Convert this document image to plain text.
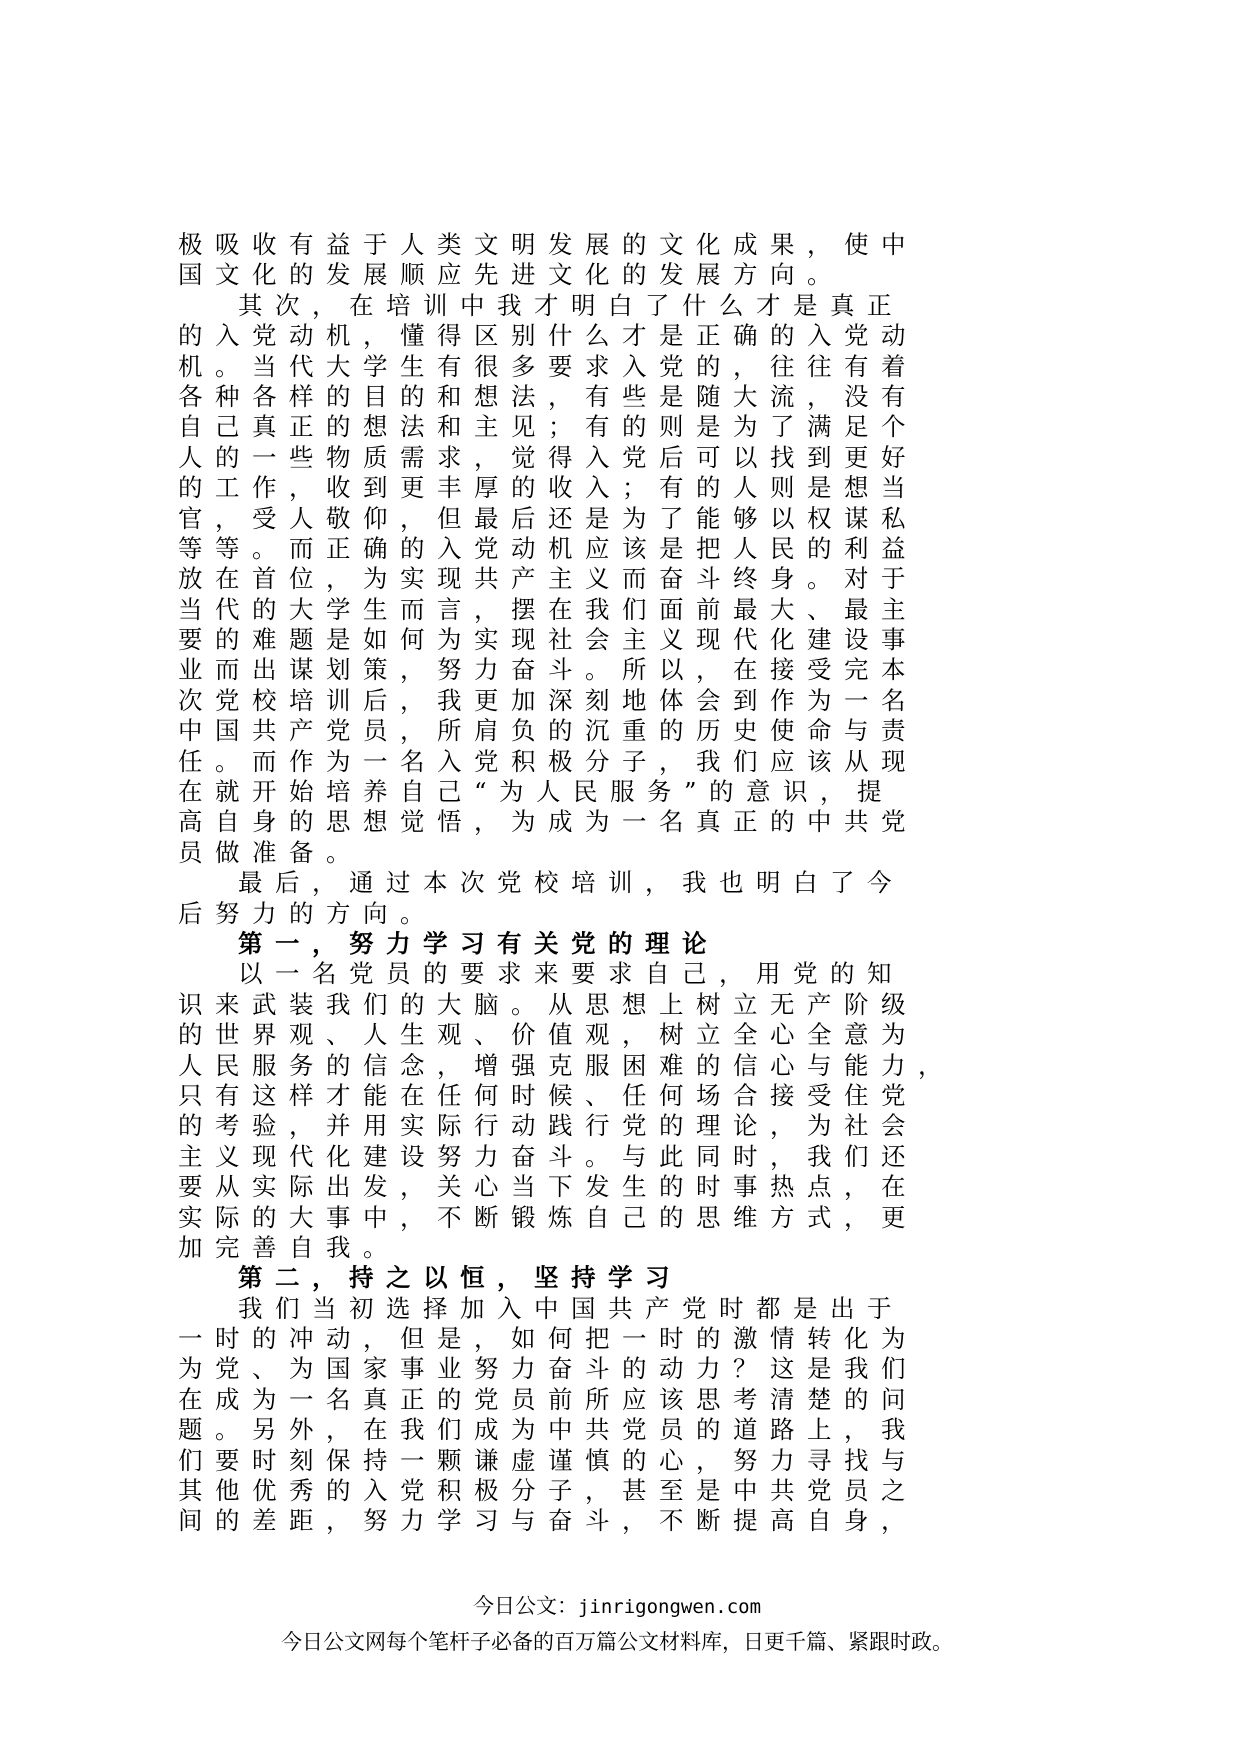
极吸收有益于人类文明发展的文化成果，使中
国文化的发展顺应先进文化的发展方向。
其次，在培训中我才明白了什么才是真正
的入党动机，懂得区别什么才是正确的入党动
机。当代大学生有很多要求入党的，往往有着
各种各样的目的和想法，有些是随大流，没有
自己真正的想法和主见；有的则是为了满足个
人的一些物质需求，觉得入党后可以找到更好
的工作，收到更丰厚的收入；有的人则是想当
官，受人敬仰，但最后还是为了能够以权谋私
等等。而正确的入党动机应该是把人民的利益
放在首位，为实现共产主义而奋斗终身。对于
当代的大学生而言，摆在我们面前最大、最主
要的难题是如何为实现社会主义现代化建设事
业而出谋划策，努力奋斗。所以，在接受完本
次党校培训后，我更加深刻地体会到作为一名
中国共产党员，所肩负的沉重的历史使命与责
任。而作为一名入党积极分子，我们应该从现
在就开始培养自己“为人民服务”的意识，提
高自身的思想觉悟，为成为一名真正的中共党
员做准备。
最后，通过本次党校培训，我也明白了今
后努力的方向。
第一，努力学习有关党的理论
以一名党员的要求来要求自己，用党的知
识来武装我们的大脑。从思想上树立无产阶级
的世界观、人生观、价值观，树立全心全意为
人民服务的信念，增强克服困难的信心与能力，
只有这样才能在任何时候、任何场合接受住党
的考验，并用实际行动践行党的理论，为社会
主义现代化建设努力奋斗。与此同时，我们还
要从实际出发，关心当下发生的时事热点，在
实际的大事中，不断锻炼自己的思维方式，更
加完善自我。
第二，持之以恒，坚持学习
我们当初选择加入中国共产党时都是出于
一时的冲动，但是，如何把一时的激情转化为
为党、为国家事业努力奋斗的动力？这是我们
在成为一名真正的党员前所应该思考清楚的问
题。另外，在我们成为中共党员的道路上，我
们要时刻保持一颗谦虚谨慎的心，努力寻找与
其他优秀的入党积极分子，甚至是中共党员之
间的差距，努力学习与奋斗，不断提高自身，
今日公文：jinrigongwen.com
今日公文网每个笔杆子必备的百万篇公文材料库，日更千篇、紧跟时政。
